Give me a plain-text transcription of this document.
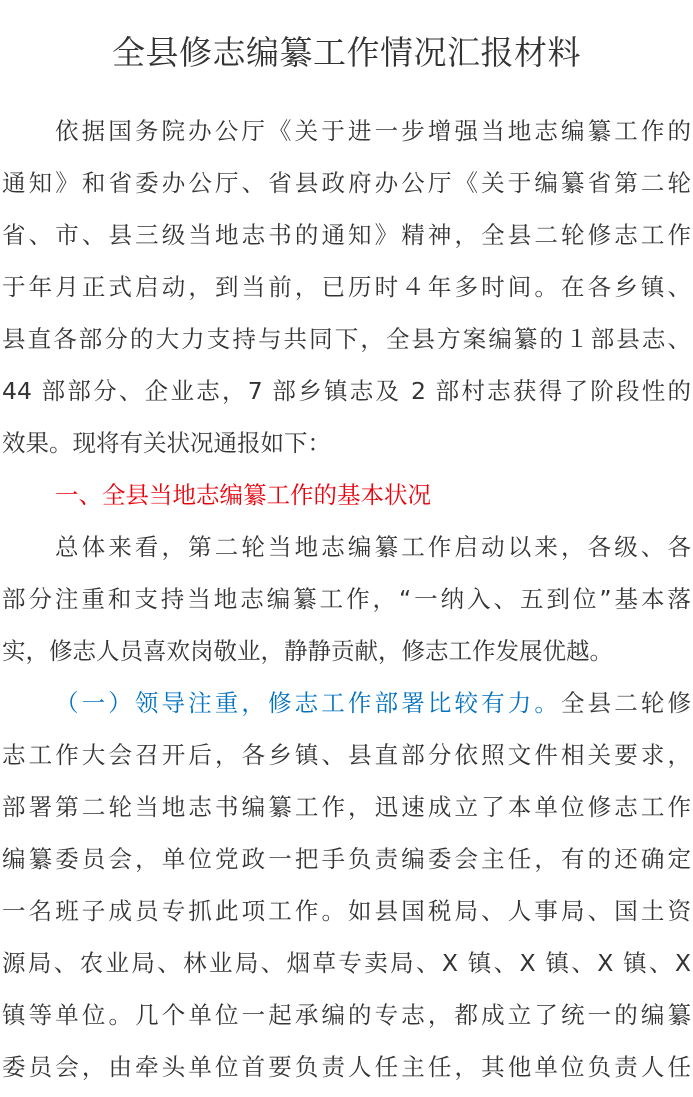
全县修志编纂工作情况汇报材料
依据国务院办公厅《关于进一步增强当地志编纂工作的
通知》和省委办公厅、省县政府办公厅《关于编纂省第二轮
省、市、县三级当地志书的通知》精神，全县二轮修志工作
于年月正式启动，到当前，已历时４年多时间。在各乡镇、
县直各部分的大力支持与共同下，全县方案编纂的１部县志、
44 部部分、企业志，7 部乡镇志及 2 部村志获得了阶段性的
效果。现将有关状况通报如下：
一、全县当地志编纂工作的基本状况
总体来看，第二轮当地志编纂工作启动以来，各级、各
部分注重和支持当地志编纂工作，“一纳入、五到位”基本落
实，修志人员喜欢岗敬业，静静贡献，修志工作发展优越。
（一）领导注重，修志工作部署比较有力。全县二轮修
志工作大会召开后，各乡镇、县直部分依照文件相关要求，
部署第二轮当地志书编纂工作，迅速成立了本单位修志工作
编纂委员会，单位党政一把手负责编委会主任，有的还确定
一名班子成员专抓此项工作。如县国税局、人事局、国土资
源局、农业局、林业局、烟草专卖局、X 镇、X 镇、X 镇、X
镇等单位。几个单位一起承编的专志，都成立了统一的编纂
委员会，由牵头单位首要负责人任主任，其他单位负责人任
